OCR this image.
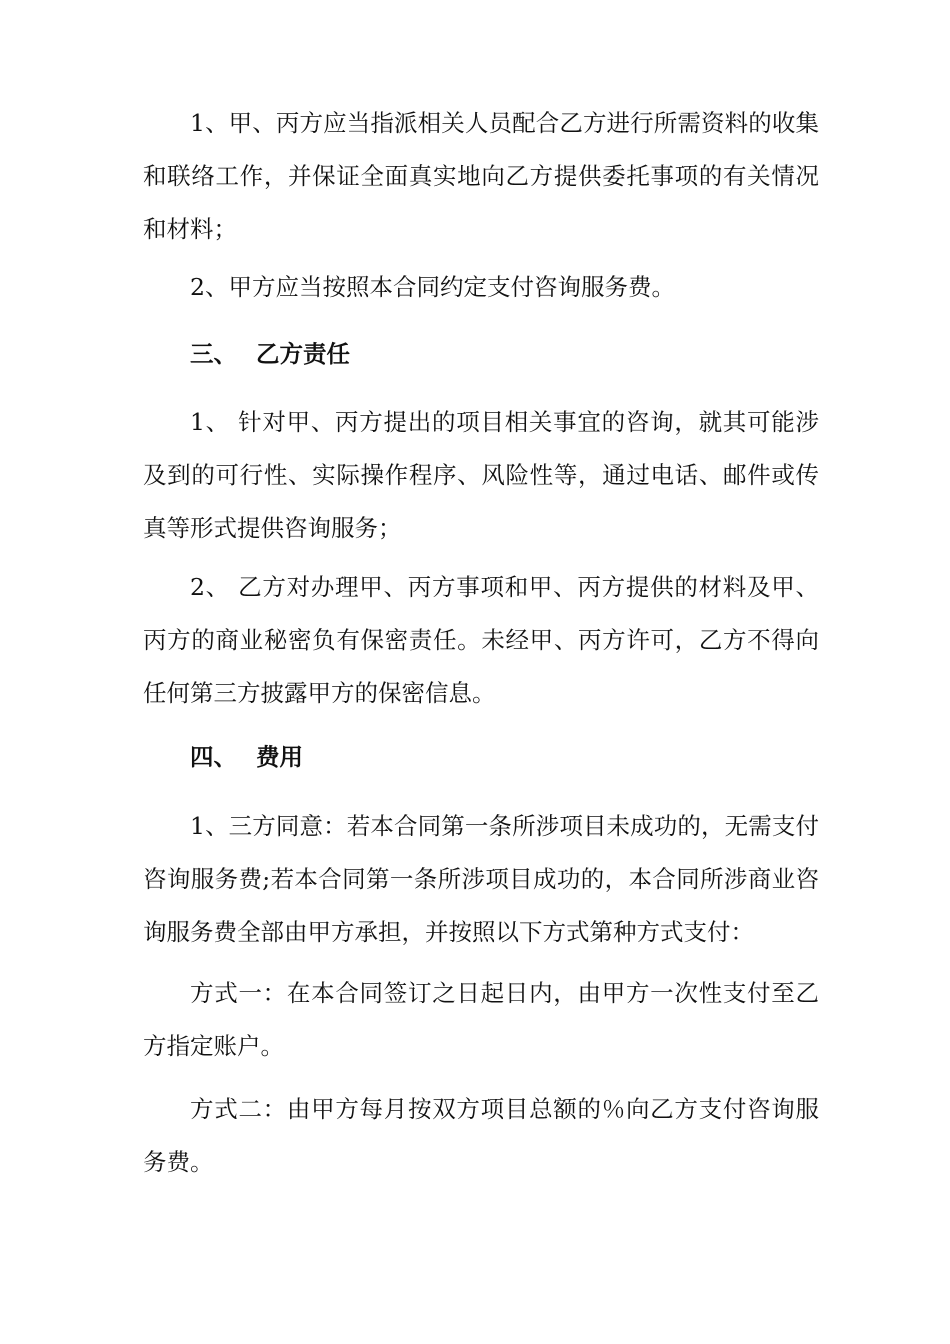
1、甲、丙方应当指派相关人员配合乙方进行所需资料的收集和联络工作，并保证全面真实地向乙方提供委托事项的有关情况和材料；

2、甲方应当按照本合同约定支付咨询服务费。

三、 乙方责任

1、 针对甲、丙方提出的项目相关事宜的咨询，就其可能涉及到的可行性、实际操作程序、风险性等，通过电话、邮件或传真等形式提供咨询服务；

2、 乙方对办理甲、丙方事项和甲、丙方提供的材料及甲、丙方的商业秘密负有保密责任。未经甲、丙方许可，乙方不得向任何第三方披露甲方的保密信息。

四、 费用

1、三方同意：若本合同第一条所涉项目未成功的，无需支付咨询服务费;若本合同第一条所涉项目成功的，本合同所涉商业咨询服务费全部由甲方承担，并按照以下方式第种方式支付：

方式一：在本合同签订之日起日内，由甲方一次性支付至乙方指定账户。

方式二：由甲方每月按双方项目总额的％向乙方支付咨询服务费。
